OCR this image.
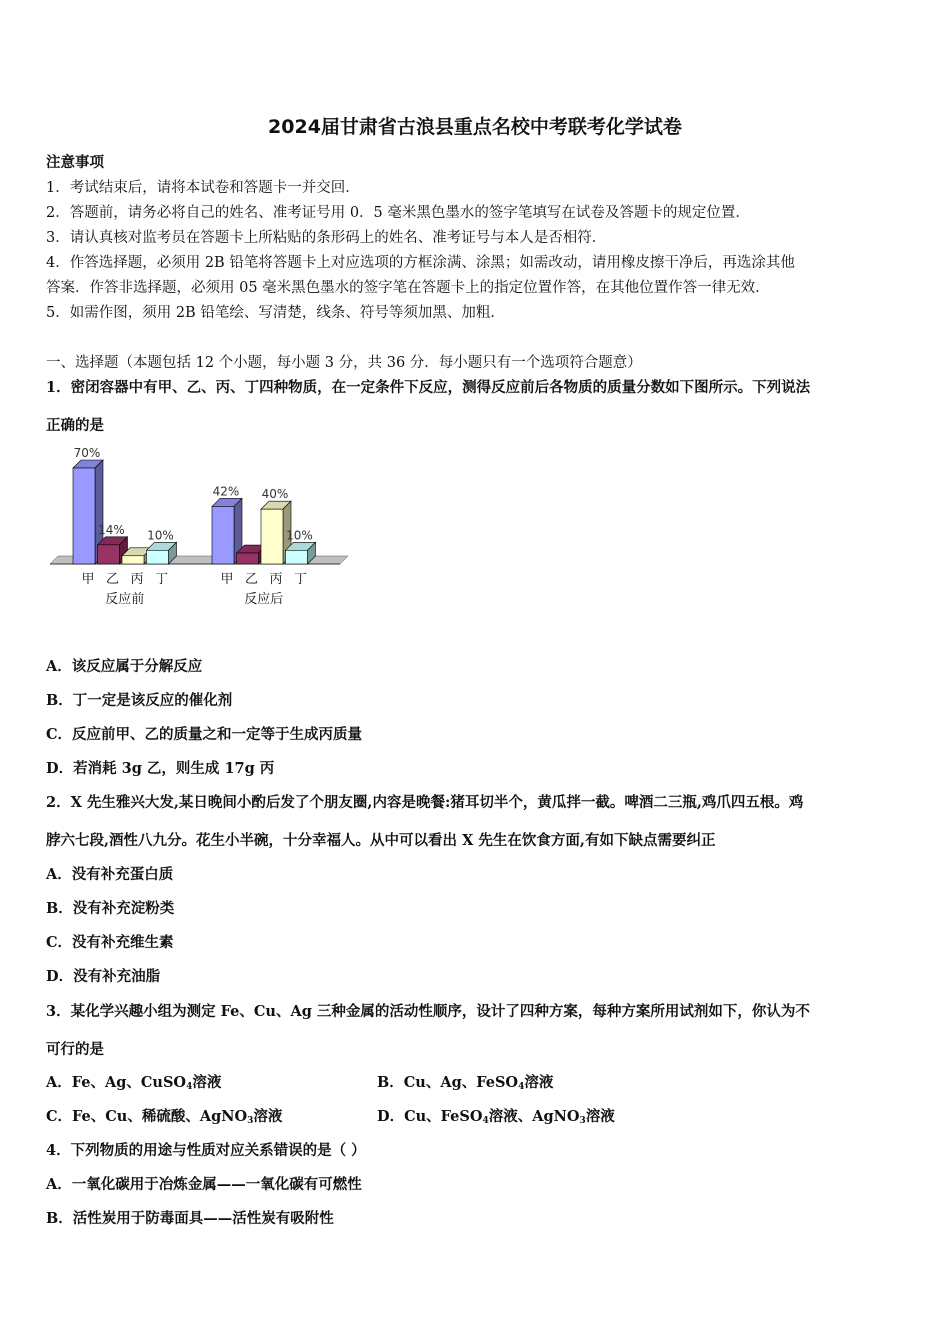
2024届甘肃省古浪县重点名校中考联考化学试卷
注意事项
1．考试结束后，请将本试卷和答题卡一并交回．
2．答题前，请务必将自己的姓名、准考证号用 0．5 毫米黑色墨水的签字笔填写在试卷及答题卡的规定位置．
3．请认真核对监考员在答题卡上所粘贴的条形码上的姓名、准考证号与本人是否相符．
4．作答选择题，必须用 2B 铅笔将答题卡上对应选项的方框涂满、涂黑；如需改动，请用橡皮擦干净后，再选涂其他
答案．作答非选择题，必须用 05 毫米黑色墨水的签字笔在答题卡上的指定位置作答，在其他位置作答一律无效．
5．如需作图，须用 2B 铅笔绘、写清楚，线条、符号等须加黑、加粗．
一、选择题（本题包括 12 个小题，每小题 3 分，共 36 分．每小题只有一个选项符合题意）
1．密闭容器中有甲、乙、丙、丁四种物质，在一定条件下反应，测得反应前后各物质的质量分数如下图所示。下列说法
正确的是
70%
14% 10%
甲 乙 丙 丁
反应前
42% 40%
10%
甲 乙 丙 丁
反应后
A．该反应属于分解反应
B．丁一定是该反应的催化剂
C．反应前甲、乙的质量之和一定等于生成丙质量
D．若消耗 3g 乙，则生成 17g 丙
2．X 先生雅兴大发,某日晚间小酌后发了个朋友圈,内容是晚餐:猪耳切半个，黄瓜拌一截。啤酒二三瓶,鸡爪四五根。鸡
脖六七段,酒性八九分。花生小半碗，十分幸福人。从中可以看出 X 先生在饮食方面,有如下缺点需要纠正
A．没有补充蛋白质
B．没有补充淀粉类
C．没有补充维生素
D．没有补充油脂
3．某化学兴趣小组为测定 Fe、Cu、Ag 三种金属的活动性顺序，设计了四种方案，每种方案所用试剂如下，你认为不
可行的是
A．Fe、Ag、CuSO$_4$溶液	B．Cu、Ag、FeSO$_4$溶液
C．Fe、Cu、稀硫酸、AgNO$_3$溶液	D．Cu、FeSO$_4$溶液、AgNO$_3$溶液
4．下列物质的用途与性质对应关系错误的是（ ）
A．一氧化碳用于冶炼金属——一氧化碳有可燃性
B．活性炭用于防毒面具——活性炭有吸附性
